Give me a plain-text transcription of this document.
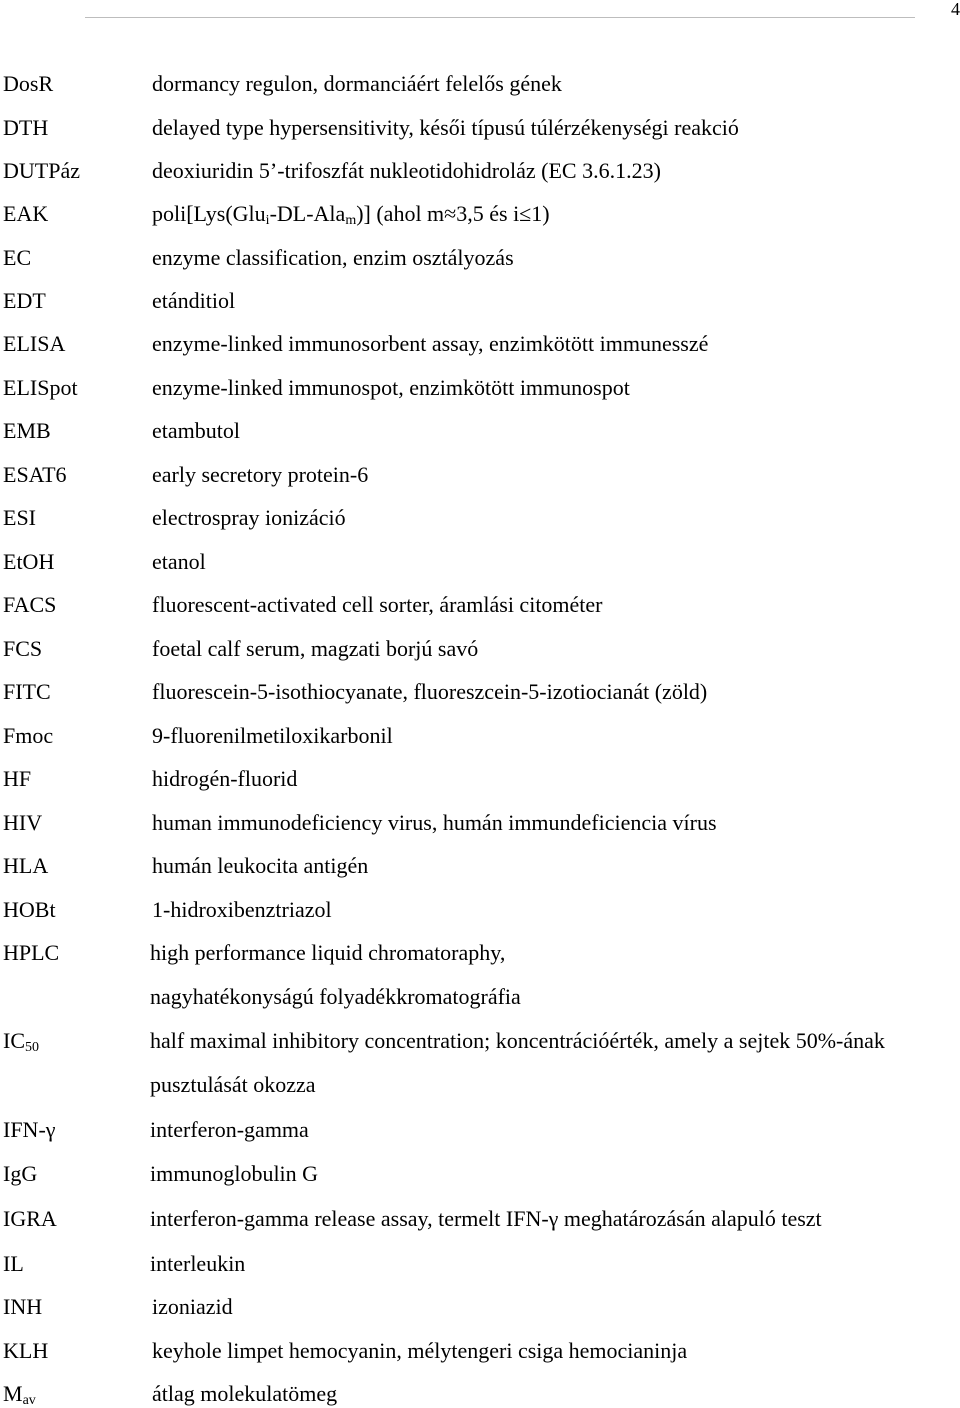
4
DosR	dormancy regulon, dormanciáért felelős gének
DTH	delayed type hypersensitivity, késői típusú túlérzékenységi reakció
DUTPáz	deoxiuridin 5’-trifoszfát nukleotidohidroláz (EC 3.6.1.23)
EAK	poli[Lys(Glu$_i$-DL-Ala$_m$)] (ahol m≈3,5 és i≤1)
EC	enzyme classification, enzim osztályozás
EDT	etánditiol
ELISA	enzyme-linked immunosorbent assay, enzimkötött immunesszé
ELISpot	enzyme-linked immunospot, enzimkötött immunospot
EMB	etambutol
ESAT6	early secretory protein-6
ESI	electrospray ionizáció
EtOH	etanol
FACS	fluorescent-activated cell sorter, áramlási citométer
FCS	foetal calf serum, magzati borjú savó
FITC	fluorescein-5-isothiocyanate, fluoreszcein-5-izotiocianát (zöld)
Fmoc	9-fluorenilmetiloxikarbonil
HF	hidrogén-fluorid
HIV	human immunodeficiency virus, humán immundeficiencia vírus
HLA	humán leukocita antigén
HOBt	1-hidroxibenztriazol
HPLC	high performance liquid chromatoraphy, nagyhatékonyságú folyadékkromatográfia
$IC_{50}$	half maximal inhibitory concentration; koncentrációérték, amely a sejtek 50%-ának pusztulását okozza
IFN-γ	interferon-gamma
IgG	immunoglobulin G
IGRA	interferon-gamma release assay, termelt IFN-γ meghatározásán alapuló teszt
IL	interleukin
INH	izoniazid
KLH	keyhole limpet hemocyanin, mélytengeri csiga hemocianinja
$M_{av}$	átlag molekulatömeg
